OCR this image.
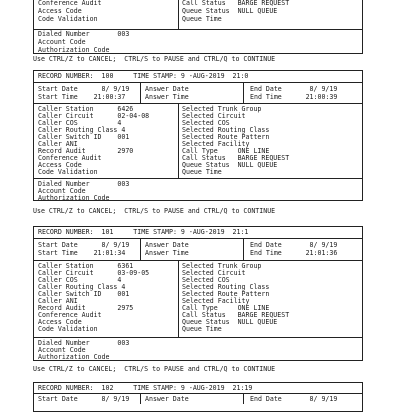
Conference Audit	Call Status   BARGE REQUEST
Access Code	Queue Status  NULL QUEUE
Code Validation	Queue Time
Dialed Number       003
Account Code
Authorization Code
Use CTRL/Z to CANCEL;  CTRL/S to PAUSE and CTRL/Q to CONTINUE
RECORD NUMBER:  100     TIME STAMP: 9 -AUG-2019  21:0
Start Date      8/ 9/19 Answer Date	End Date       8/ 9/19
Start Time    21:00:37	Answer Time	End Time      21:00:39
Caller Station      6426	Selected Trunk Group
Caller Circuit      02-04-08	Selected Circuit
Caller COS          4	Selected COS
Caller Routing Class 4	Selected Routing Class
Caller Switch ID    001	Selected Route Pattern
Caller ANI	Selected Facility
Record Audit        2970	Call Type     ONE LINE
Conference Audit	Call Status   BARGE REQUEST
Access Code	Queue Status  NULL QUEUE
Code Validation	Queue Time
Dialed Number       003
Account Code
Authorization Code
Use CTRL/Z to CANCEL;  CTRL/S to PAUSE and CTRL/Q to CONTINUE
RECORD NUMBER:  101     TIME STAMP: 9 -AUG-2019  21:1
Start Date      8/ 9/19 Answer Date	End Date       8/ 9/19
Start Time    21:01:34	Answer Time	End Time      21:01:36
Caller Station      6361	Selected Trunk Group
Caller Circuit      03-09-05	Selected Circuit
Caller COS          4	Selected COS
Caller Routing Class 4	Selected Routing Class
Caller Switch ID    001	Selected Route Pattern
Caller ANI	Selected Facility
Record Audit        2975	Call Type     ONE LINE
Conference Audit	Call Status   BARGE REQUEST
Access Code	Queue Status  NULL QUEUE
Code Validation	Queue Time
Dialed Number       003
Account Code
Authorization Code
Use CTRL/Z to CANCEL;  CTRL/S to PAUSE and CTRL/Q to CONTINUE
RECORD NUMBER:  102     TIME STAMP: 9 -AUG-2019  21:19
Start Date      8/ 9/19 Answer Date	End Date       8/ 9/19
